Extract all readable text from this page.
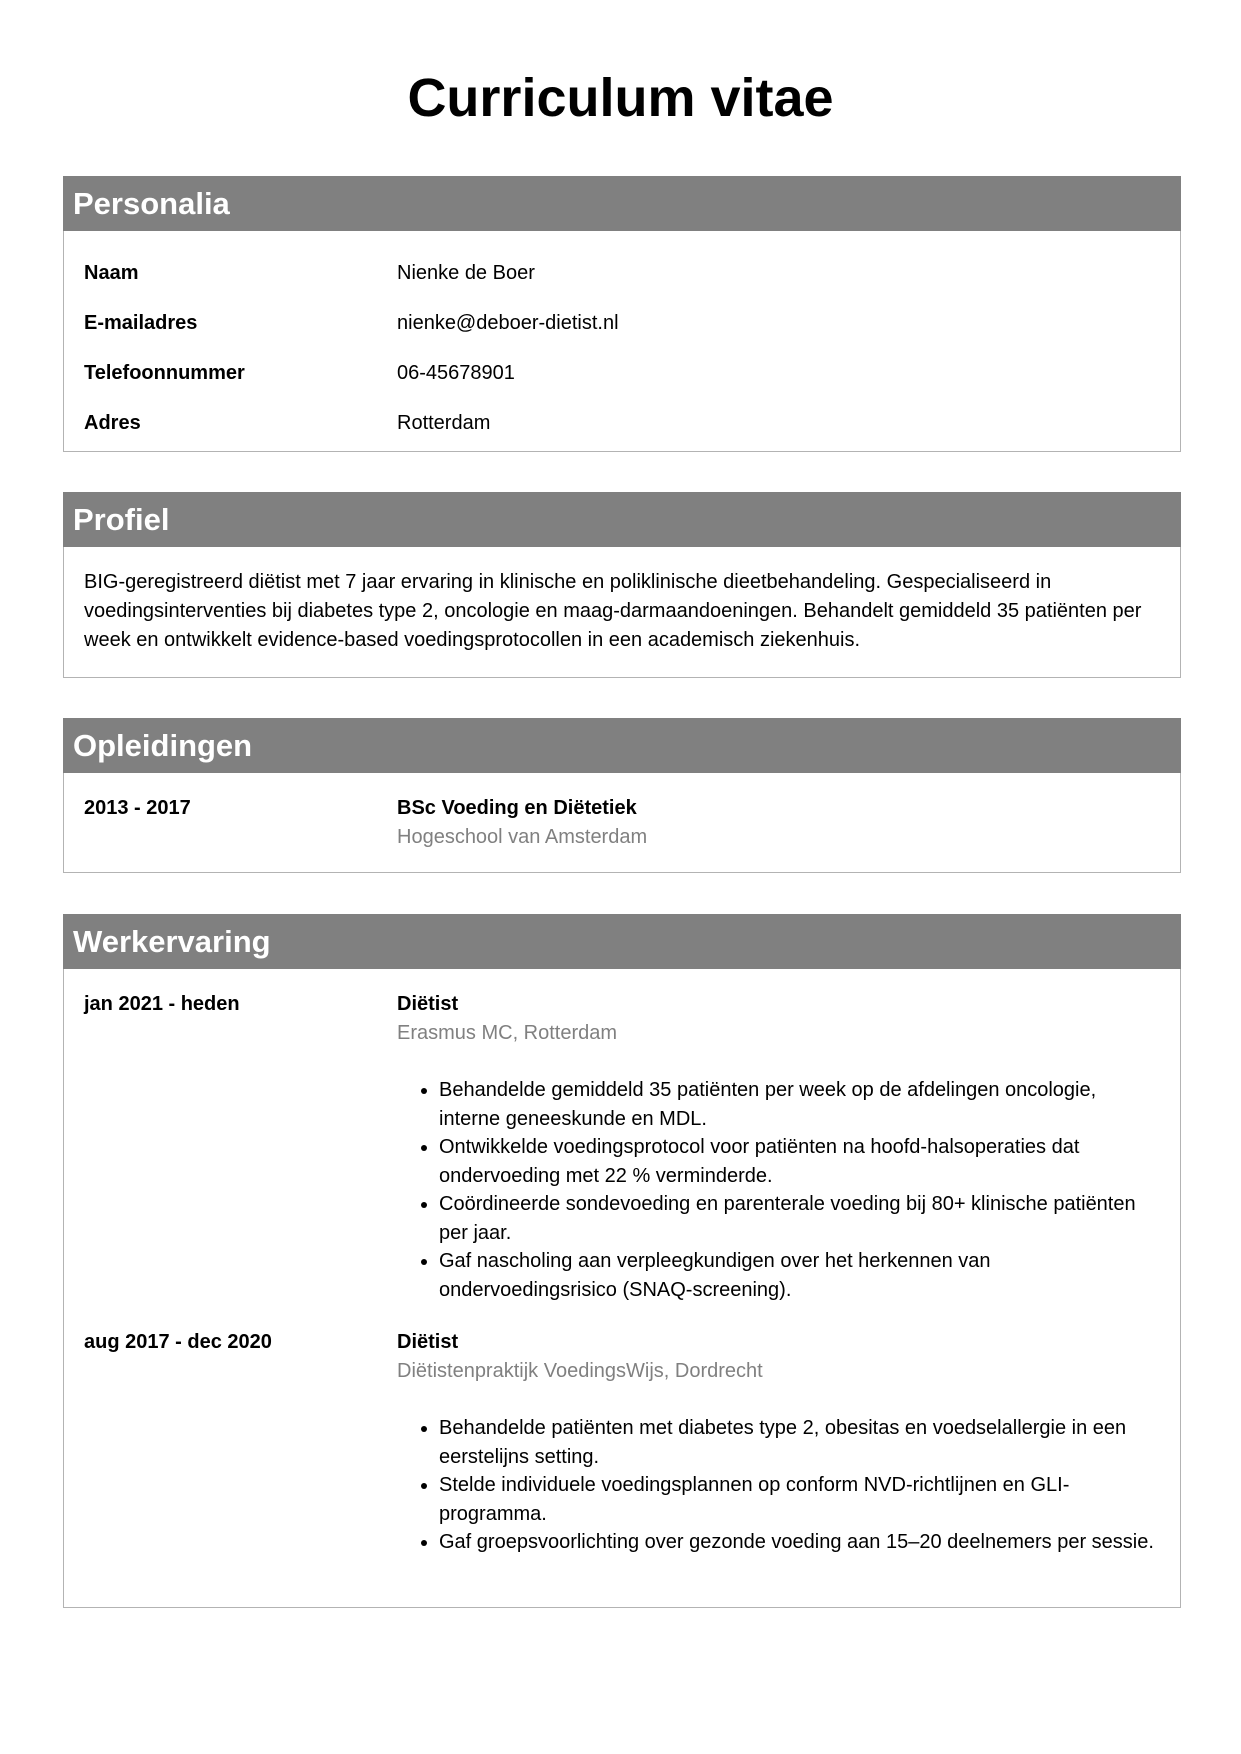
Curriculum vitae
Personalia
Naam	Nienke de Boer
E-mailadres	nienke@deboer-dietist.nl
Telefoonnummer	06-45678901
Adres	Rotterdam
Profiel

BIG-geregistreerd diëtist met 7 jaar ervaring in klinische en poliklinische dieetbehandeling. Gespecialiseerd in voedingsinterventies bij diabetes type 2, oncologie en maag-darmaandoeningen. Behandelt gemiddeld 35 patiënten per week en ontwikkelt evidence-based voedingsprotocollen in een academisch ziekenhuis.

Opleidingen
2013 - 2017	BSc Voeding en Diëtetiek
Hogeschool van Amsterdam
Werkervaring
jan 2021 - heden	Diëtist
Erasmus MC, Rotterdam
• Behandelde gemiddeld 35 patiënten per week op de afdelingen oncologie, interne geneeskunde en MDL.
• Ontwikkelde voedingsprotocol voor patiënten na hoofd-halsoperaties dat ondervoeding met 22 % verminderde.
• Coördineerde sondevoeding en parenterale voeding bij 80+ klinische patiënten per jaar.
• Gaf nascholing aan verpleegkundigen over het herkennen van ondervoedingsrisico (SNAQ-screening).
aug 2017 - dec 2020	Diëtist
Diëtistenpraktijk VoedingsWijs, Dordrecht
• Behandelde patiënten met diabetes type 2, obesitas en voedselallergie in een eerstelijns setting.
• Stelde individuele voedingsplannen op conform NVD-richtlijnen en GLI-programma.
• Gaf groepsvoorlichting over gezonde voeding aan 15–20 deelnemers per sessie.
